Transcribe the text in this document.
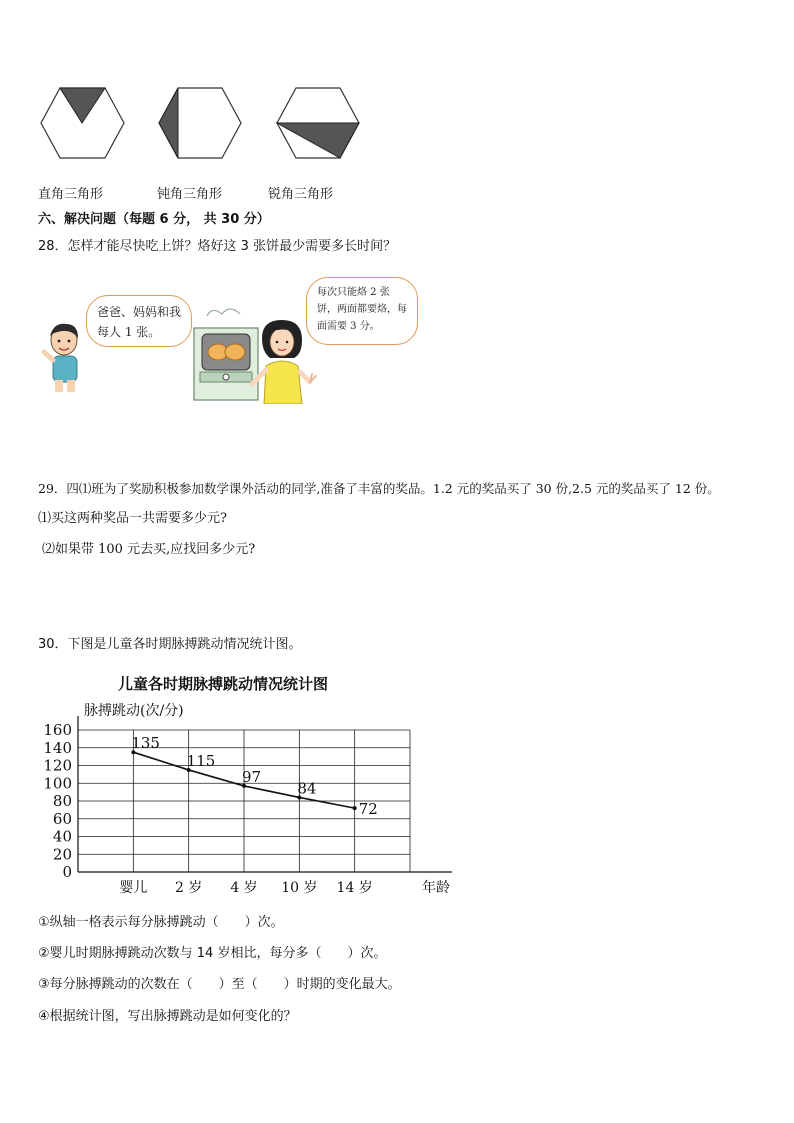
直角三角形	钝角三角形	锐角三角形
六、解决问题（每题 6 分， 共 30 分）
28．怎样才能尽快吃上饼？烙好这 3 张饼最少需要多长时间？
爸爸、妈妈和我每人 1 张。
每次只能烙 2 张饼，两面都要烙，每面需要 3 分。
29．四⑴班为了奖励积极参加数学课外活动的同学,准备了丰富的奖品。1.2 元的奖品买了 30 份,2.5 元的奖品买了 12 份。
⑴买这两种奖品一共需要多少元?
⑵如果带 100 元去买,应找回多少元?
30．下图是儿童各时期脉搏跳动情况统计图。
儿童各时期脉搏跳动情况统计图
脉搏跳动(次/分)
0
20
40
60
80
100
120
140
160
婴儿 2 岁 4 岁 10 岁 14 岁	年龄
135
115
97
84
72
①纵轴一格表示每分脉搏跳动（　　）次。
②婴儿时期脉搏跳动次数与 14 岁相比，每分多（　　）次。
③每分脉搏跳动的次数在（　　）至（　　）时期的变化最大。
④根据统计图，写出脉搏跳动是如何变化的？
